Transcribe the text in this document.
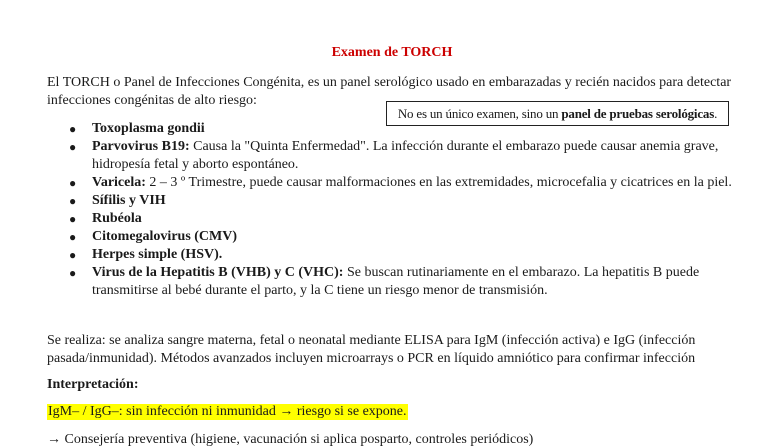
Examen de TORCH
El TORCH o Panel de Infecciones Congénita, es un panel serológico usado en embarazadas y recién nacidos para detectar infecciones congénitas de alto riesgo:
No es un único examen, sino un panel de pruebas serológicas.
● Toxoplasma gondii
● Parvovirus B19: Causa la "Quinta Enfermedad". La infección durante el embarazo puede causar anemia grave, hidropesía fetal y aborto espontáneo.
● Varicela: 2 – 3 º Trimestre, puede causar malformaciones en las extremidades, microcefalia y cicatrices en la piel.
● Sífilis y VIH
● Rubéola
● Citomegalovirus (CMV)
● Herpes simple (HSV).
● Virus de la Hepatitis B (VHB) y C (VHC): Se buscan rutinariamente en el embarazo. La hepatitis B puede transmitirse al bebé durante el parto, y la C tiene un riesgo menor de transmisión.
Se realiza: se analiza sangre materna, fetal o neonatal mediante ELISA para IgM (infección activa) e IgG (infección pasada/inmunidad). Métodos avanzados incluyen microarrays o PCR en líquido amniótico para confirmar infección
Interpretación:
IgM– / IgG–: sin infección ni inmunidad → riesgo si se expone.
→ Consejería preventiva (higiene, vacunación si aplica posparto, controles periódicos)
